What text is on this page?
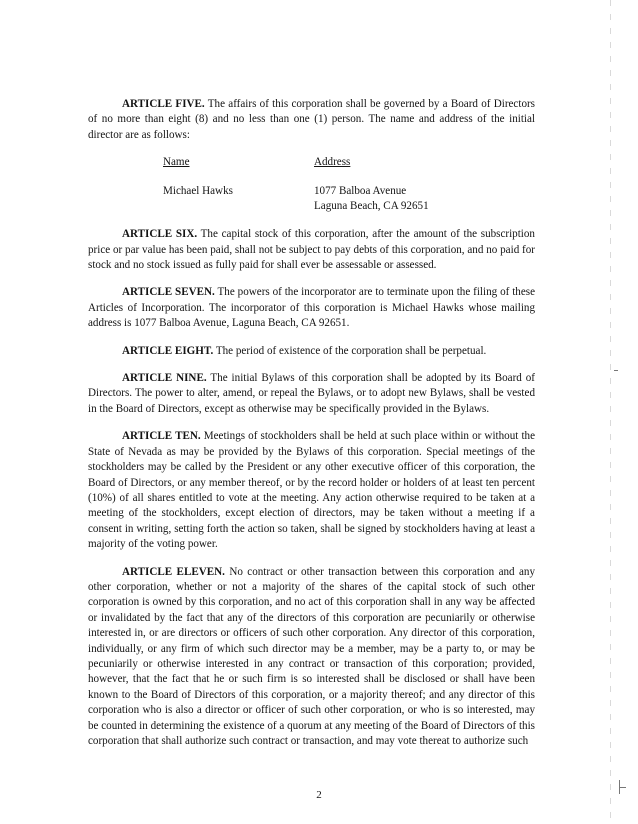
ARTICLE FIVE. The affairs of this corporation shall be governed by a Board of Directors of no more than eight (8) and no less than one (1) person. The name and address of the initial director are as follows:

Name
Michael Hawks
Address
1077 Balboa Avenue
Laguna Beach, CA 92651

ARTICLE SIX. The capital stock of this corporation, after the amount of the subscription price or par value has been paid, shall not be subject to pay debts of this corporation, and no paid for stock and no stock issued as fully paid for shall ever be assessable or assessed.

ARTICLE SEVEN. The powers of the incorporator are to terminate upon the filing of these Articles of Incorporation. The incorporator of this corporation is Michael Hawks whose mailing address is 1077 Balboa Avenue, Laguna Beach, CA 92651.

ARTICLE EIGHT. The period of existence of the corporation shall be perpetual.

ARTICLE NINE. The initial Bylaws of this corporation shall be adopted by its Board of Directors. The power to alter, amend, or repeal the Bylaws, or to adopt new Bylaws, shall be vested in the Board of Directors, except as otherwise may be specifically provided in the Bylaws.

ARTICLE TEN. Meetings of stockholders shall be held at such place within or without the State of Nevada as may be provided by the Bylaws of this corporation. Special meetings of the stockholders may be called by the President or any other executive officer of this corporation, the Board of Directors, or any member thereof, or by the record holder or holders of at least ten percent (10%) of all shares entitled to vote at the meeting. Any action otherwise required to be taken at a meeting of the stockholders, except election of directors, may be taken without a meeting if a consent in writing, setting forth the action so taken, shall be signed by stockholders having at least a majority of the voting power.

ARTICLE ELEVEN. No contract or other transaction between this corporation and any other corporation, whether or not a majority of the shares of the capital stock of such other corporation is owned by this corporation, and no act of this corporation shall in any way be affected or invalidated by the fact that any of the directors of this corporation are pecuniarily or otherwise interested in, or are directors or officers of such other corporation. Any director of this corporation, individually, or any firm of which such director may be a member, may be a party to, or may be pecuniarily or otherwise interested in any contract or transaction of this corporation; provided, however, that the fact that he or such firm is so interested shall be disclosed or shall have been known to the Board of Directors of this corporation, or a majority thereof; and any director of this corporation who is also a director or officer of such other corporation, or who is so interested, may be counted in determining the existence of a quorum at any meeting of the Board of Directors of this corporation that shall authorize such contract or transaction, and may vote thereat to authorize such

2
